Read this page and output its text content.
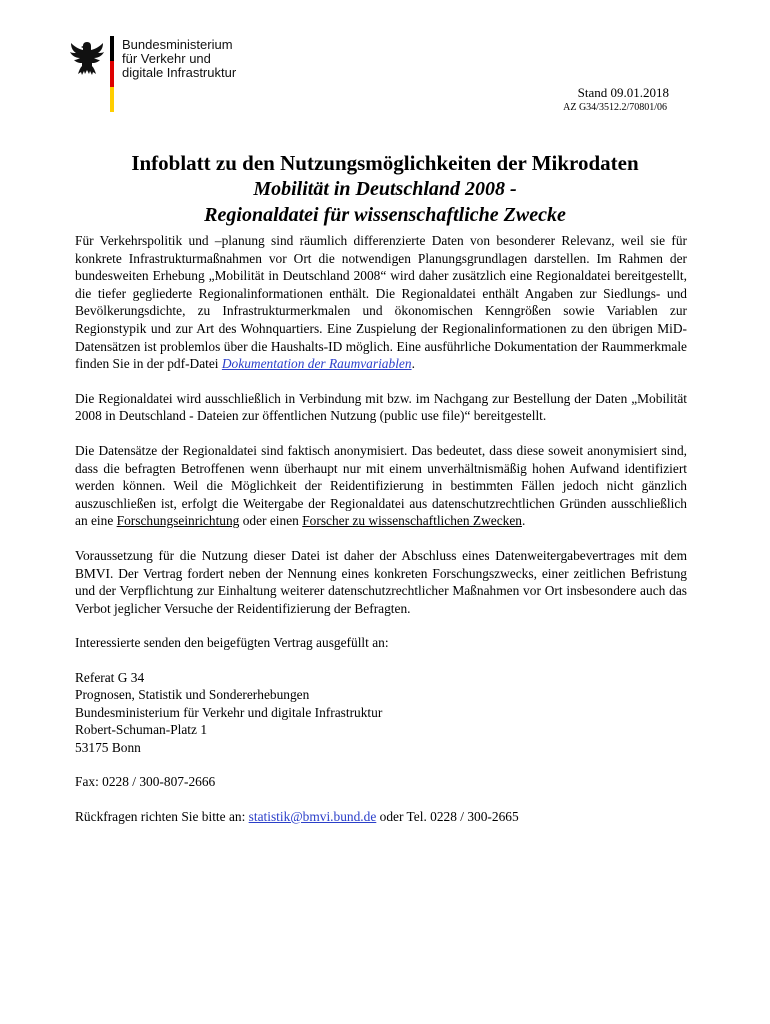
Bundesministerium
für Verkehr und
digitale Infrastruktur
Stand 09.01.2018
AZ G34/3512.2/70801/06
Infoblatt zu den Nutzungsmöglichkeiten der Mikrodaten
Mobilität in Deutschland 2008 -
Regionaldatei für wissenschaftliche Zwecke

Für Verkehrspolitik und –planung sind räumlich differenzierte Daten von besonderer Relevanz, weil sie für konkrete Infrastrukturmaßnahmen vor Ort die notwendigen Planungsgrundlagen darstellen. Im Rahmen der bundesweiten Erhebung „Mobilität in Deutschland 2008“ wird daher zusätzlich eine Regionaldatei bereitgestellt, die tiefer gegliederte Regionalinformationen enthält. Die Regionaldatei enthält Angaben zur Siedlungs- und Bevölkerungsdichte, zu Infrastrukturmerkmalen und ökonomischen Kenngrößen sowie Variablen zur Regionstypik und zur Art des Wohnquartiers. Eine Zuspielung der Regionalinformationen zu den übrigen MiD-Datensätzen ist problemlos über die Haushalts-ID möglich. Eine ausführliche Dokumentation der Raummerkmale finden Sie in der pdf-Datei Dokumentation der Raumvariablen.

Die Regionaldatei wird ausschließlich in Verbindung mit bzw. im Nachgang zur Bestellung der Daten „Mobilität 2008 in Deutschland - Dateien zur öffentlichen Nutzung (public use file)“ bereitgestellt.

Die Datensätze der Regionaldatei sind faktisch anonymisiert. Das bedeutet, dass diese soweit anonymisiert sind, dass die befragten Betroffenen wenn überhaupt nur mit einem unverhältnismäßig hohen Aufwand identifiziert werden können. Weil die Möglichkeit der Reidentifizierung in bestimmten Fällen jedoch nicht gänzlich auszuschließen ist, erfolgt die Weitergabe der Regionaldatei aus datenschutzrechtlichen Gründen ausschließlich an eine Forschungseinrichtung oder einen Forscher zu wissenschaftlichen Zwecken.

Voraussetzung für die Nutzung dieser Datei ist daher der Abschluss eines Datenweitergabevertrages mit dem BMVI. Der Vertrag fordert neben der Nennung eines konkreten Forschungszwecks, einer zeitlichen Befristung und der Verpflichtung zur Einhaltung weiterer datenschutzrechtlicher Maßnahmen vor Ort insbesondere auch das Verbot jeglicher Versuche der Reidentifizierung der Befragten.

Interessierte senden den beigefügten Vertrag ausgefüllt an:

Referat G 34
Prognosen, Statistik und Sondererhebungen
Bundesministerium für Verkehr und digitale Infrastruktur
Robert-Schuman-Platz 1
53175 Bonn

Fax: 0228 / 300-807-2666

Rückfragen richten Sie bitte an: statistik@bmvi.bund.de oder Tel. 0228 / 300-2665
